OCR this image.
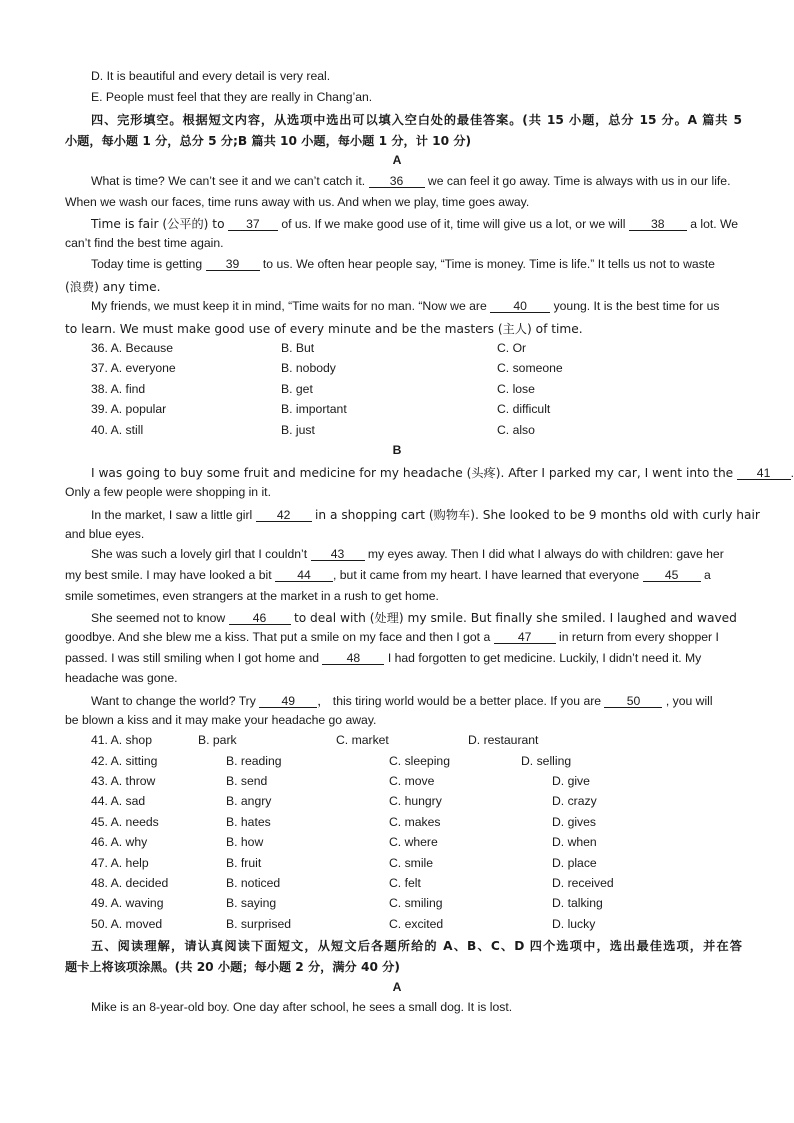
D. It is beautiful and every detail is very real.
E. People must feel that they are really in Chang’an.
四、完形填空。根据短文内容，从选项中选出可以填入空白处的最佳答案。(共 15 小题，总分 15 分。A 篇共 5
小题，每小题 1 分，总分 5 分;B 篇共 10 小题，每小题 1 分，计 10 分)
A
What is time? We can’t see it and we can’t catch it. 36 we can feel it go away. Time is always with us in our life.
When we wash our faces, time runs away with us. And when we play, time goes away.
Time is fair (公平的) to 37 of us. If we make good use of it, time will give us a lot, or we will 38 a lot. We
can’t find the best time again.
Today time is getting 39 to us. We often hear people say, “Time is money. Time is life.” It tells us not to waste
(浪费) any time.
My friends, we must keep it in mind, “Time waits for no man. “Now we are 40 young. It is the best time for us
to learn. We must make good use of every minute and be the masters (主人) of time.
36. A. Because	B. But	C. Or
37. A. everyone	B. nobody	C. someone
38. A. find	B. get	C. lose
39. A. popular	B. important	C. difficult
40. A. still	B. just	C. also
B
I was going to buy some fruit and medicine for my headache (头疼). After I parked my car, I went into the 41 .
Only a few people were shopping in it.
In the market, I saw a little girl 42 in a shopping cart (购物车). She looked to be 9 months old with curly hair
and blue eyes.
She was such a lovely girl that I couldn’t 43 my eyes away. Then I did what I always do with children: gave her
my best smile. I may have looked a bit 44 , but it came from my heart. I have learned that everyone 45 a
smile sometimes, even strangers at the market in a rush to get home.
She seemed not to know 46 to deal with (处理) my smile. But finally she smiled. I laughed and waved
goodbye. And she blew me a kiss. That put a smile on my face and then I got a 47 in return from every shopper I
passed. I was still smiling when I got home and 48 I had forgotten to get medicine. Luckily, I didn’t need it. My
headache was gone.
Want to change the world? Try 49 ， this tiring world would be a better place. If you are 50 , you will
be blown a kiss and it may make your headache go away.
41. A. shop	B. park	C. market	D. restaurant
42. A. sitting	B. reading	C. sleeping	D. selling
43. A. throw	B. send	C. move	D. give
44. A. sad	B. angry	C. hungry	D. crazy
45. A. needs	B. hates	C. makes	D. gives
46. A. why	B. how	C. where	D. when
47. A. help	B. fruit	C. smile	D. place
48. A. decided	B. noticed	C. felt	D. received
49. A. waving	B. saying	C. smiling	D. talking
50. A. moved	B. surprised	C. excited	D. lucky
五、阅读理解，请认真阅读下面短文，从短文后各题所给的 A、B、C、D 四个选项中，选出最佳选项，并在答
题卡上将该项涂黑。(共 20 小题；每小题 2 分，满分 40 分)
A
Mike is an 8-year-old boy. One day after school, he sees a small dog. It is lost.
